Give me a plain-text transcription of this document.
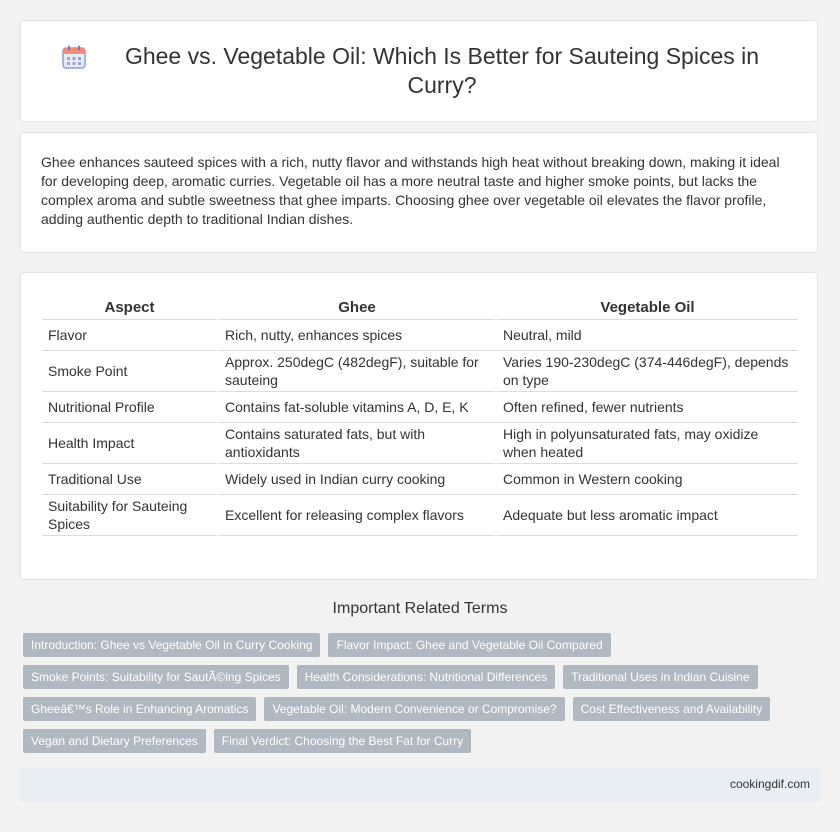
Ghee vs. Vegetable Oil: Which Is Better for Sauteing Spices in Curry?

Ghee enhances sauteed spices with a rich, nutty flavor and withstands high heat without breaking down, making it ideal for developing deep, aromatic curries. Vegetable oil has a more neutral taste and higher smoke points, but lacks the complex aroma and subtle sweetness that ghee imparts. Choosing ghee over vegetable oil elevates the flavor profile, adding authentic depth to traditional Indian dishes.

Aspect	Ghee	Vegetable Oil
Flavor	Rich, nutty, enhances spices	Neutral, mild
Smoke Point	Approx. 250degC (482degF), suitable for sauteing	Varies 190-230degC (374-446degF), depends on type
Nutritional Profile	Contains fat-soluble vitamins A, D, E, K	Often refined, fewer nutrients
Health Impact	Contains saturated fats, but with antioxidants	High in polyunsaturated fats, may oxidize when heated
Traditional Use	Widely used in Indian curry cooking	Common in Western cooking
Suitability for Sauteing Spices	Excellent for releasing complex flavors	Adequate but less aromatic impact
Important Related Terms
Introduction: Ghee vs Vegetable Oil in Curry Cooking	Flavor Impact: Ghee and Vegetable Oil Compared
Smoke Points: Suitability for SautÃ©ing Spices	Health Considerations: Nutritional Differences	Traditional Uses in Indian Cuisine
Gheeâ€™s Role in Enhancing Aromatics	Vegetable Oil: Modern Convenience or Compromise?	Cost Effectiveness and Availability
Vegan and Dietary Preferences	Final Verdict: Choosing the Best Fat for Curry
cookingdif.com
